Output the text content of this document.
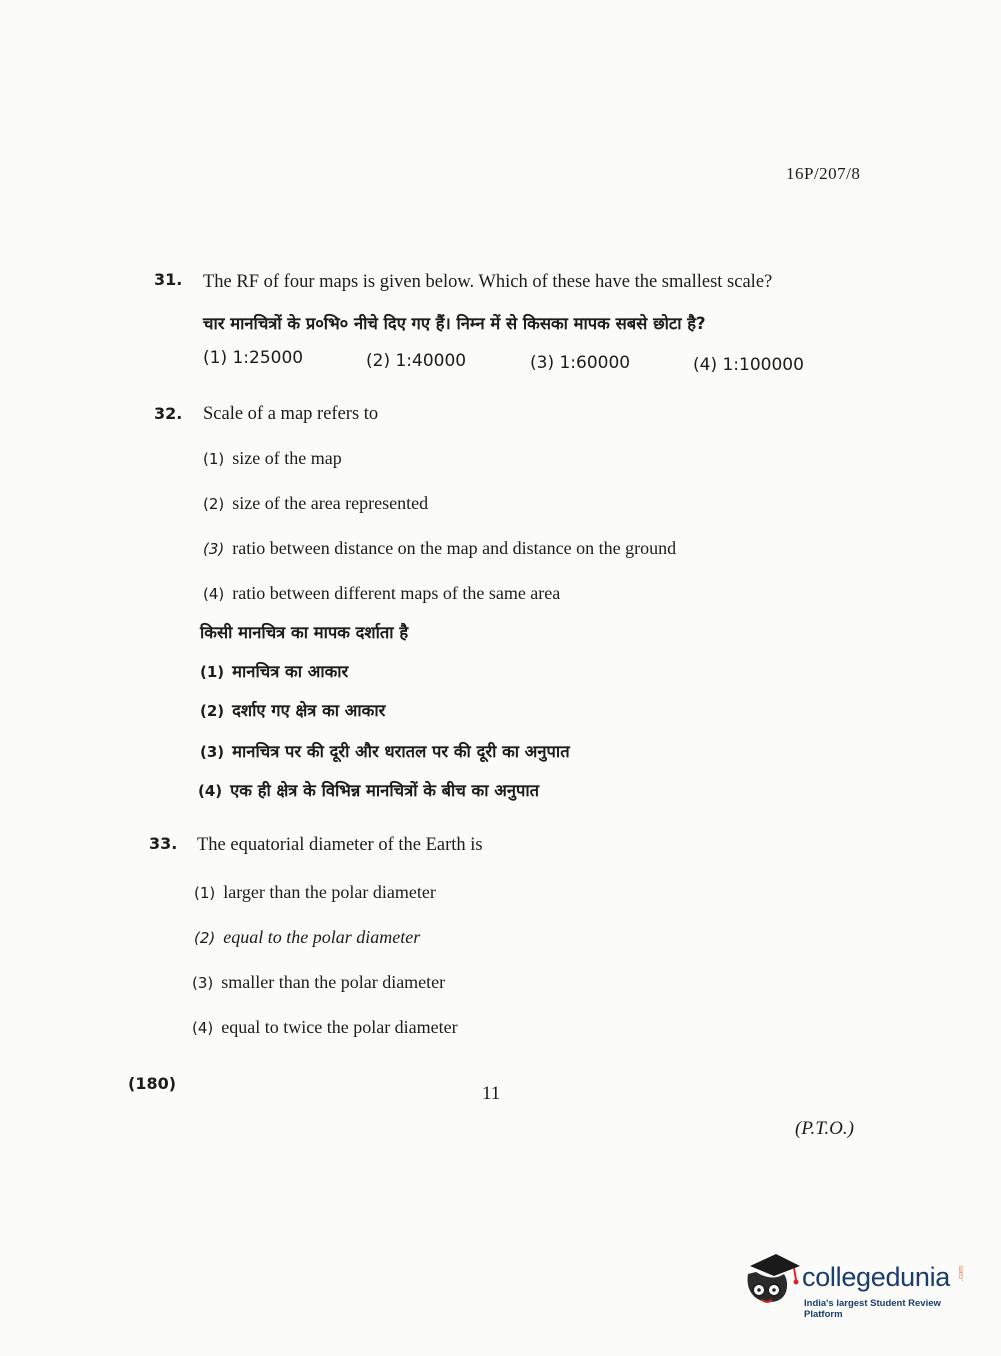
16P/207/8
31. The RF of four maps is given below. Which of these have the smallest scale?
चार मानचित्रों के प्र०भि० नीचे दिए गए हैं। निम्न में से किसका मापक सबसे छोटा है?
(1) 1:25000	(2) 1:40000	(3) 1:60000	(4) 1:100000
32. Scale of a map refers to
(1) size of the map
(2) size of the area represented
(3) ratio between distance on the map and distance on the ground
(4) ratio between different maps of the same area
किसी मानचित्र का मापक दर्शाता है
(1) मानचित्र का आकार
(2) दर्शाए गए क्षेत्र का आकार
(3) मानचित्र पर की दूरी और धरातल पर की दूरी का अनुपात
(4) एक ही क्षेत्र के विभिन्न मानचित्रों के बीच का अनुपात
33. The equatorial diameter of the Earth is
(1) larger than the polar diameter
(2) equal to the polar diameter
(3) smaller than the polar diameter
(4) equal to twice the polar diameter
(180)	11
(P.T.O.)
collegedunia .com
India's largest Student Review Platform
